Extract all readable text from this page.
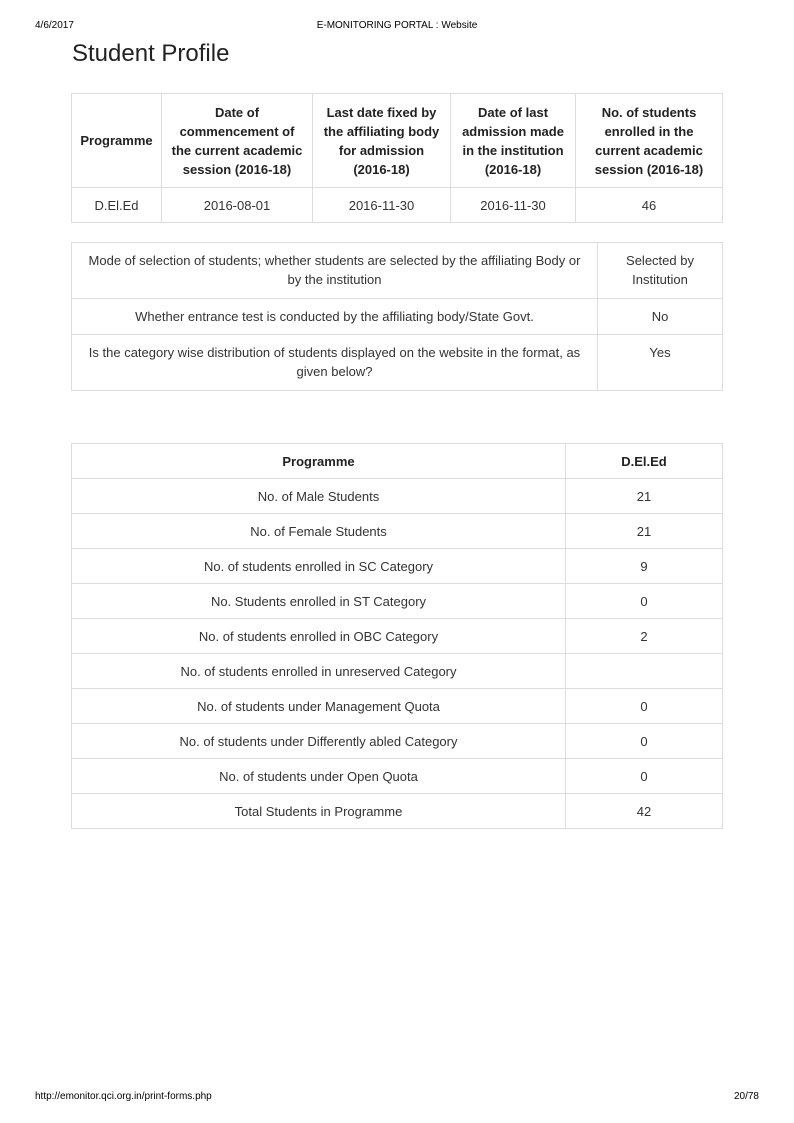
4/6/2017	E-MONITORING PORTAL : Website
Student Profile
Programme	Date of commencement of the current academic session (2016-18)	Last date fixed by the affiliating body for admission (2016-18)	Date of last admission made in the institution (2016-18)	No. of students enrolled in the current academic session (2016-18)
D.El.Ed	2016-08-01	2016-11-30	2016-11-30	46
Mode of selection of students; whether students are selected by the affiliating Body or by the institution	Selected by Institution
Whether entrance test is conducted by the affiliating body/State Govt.	No
Is the category wise distribution of students displayed on the website in the format, as given below?	Yes
Programme	D.El.Ed
No. of Male Students	21
No. of Female Students	21
No. of students enrolled in SC Category	9
No. Students enrolled in ST Category	0
No. of students enrolled in OBC Category	2
No. of students enrolled in unreserved Category	
No. of students under Management Quota	0
No. of students under Differently abled Category	0
No. of students under Open Quota	0
Total Students in Programme	42
http://emonitor.qci.org.in/print-forms.php	20/78
